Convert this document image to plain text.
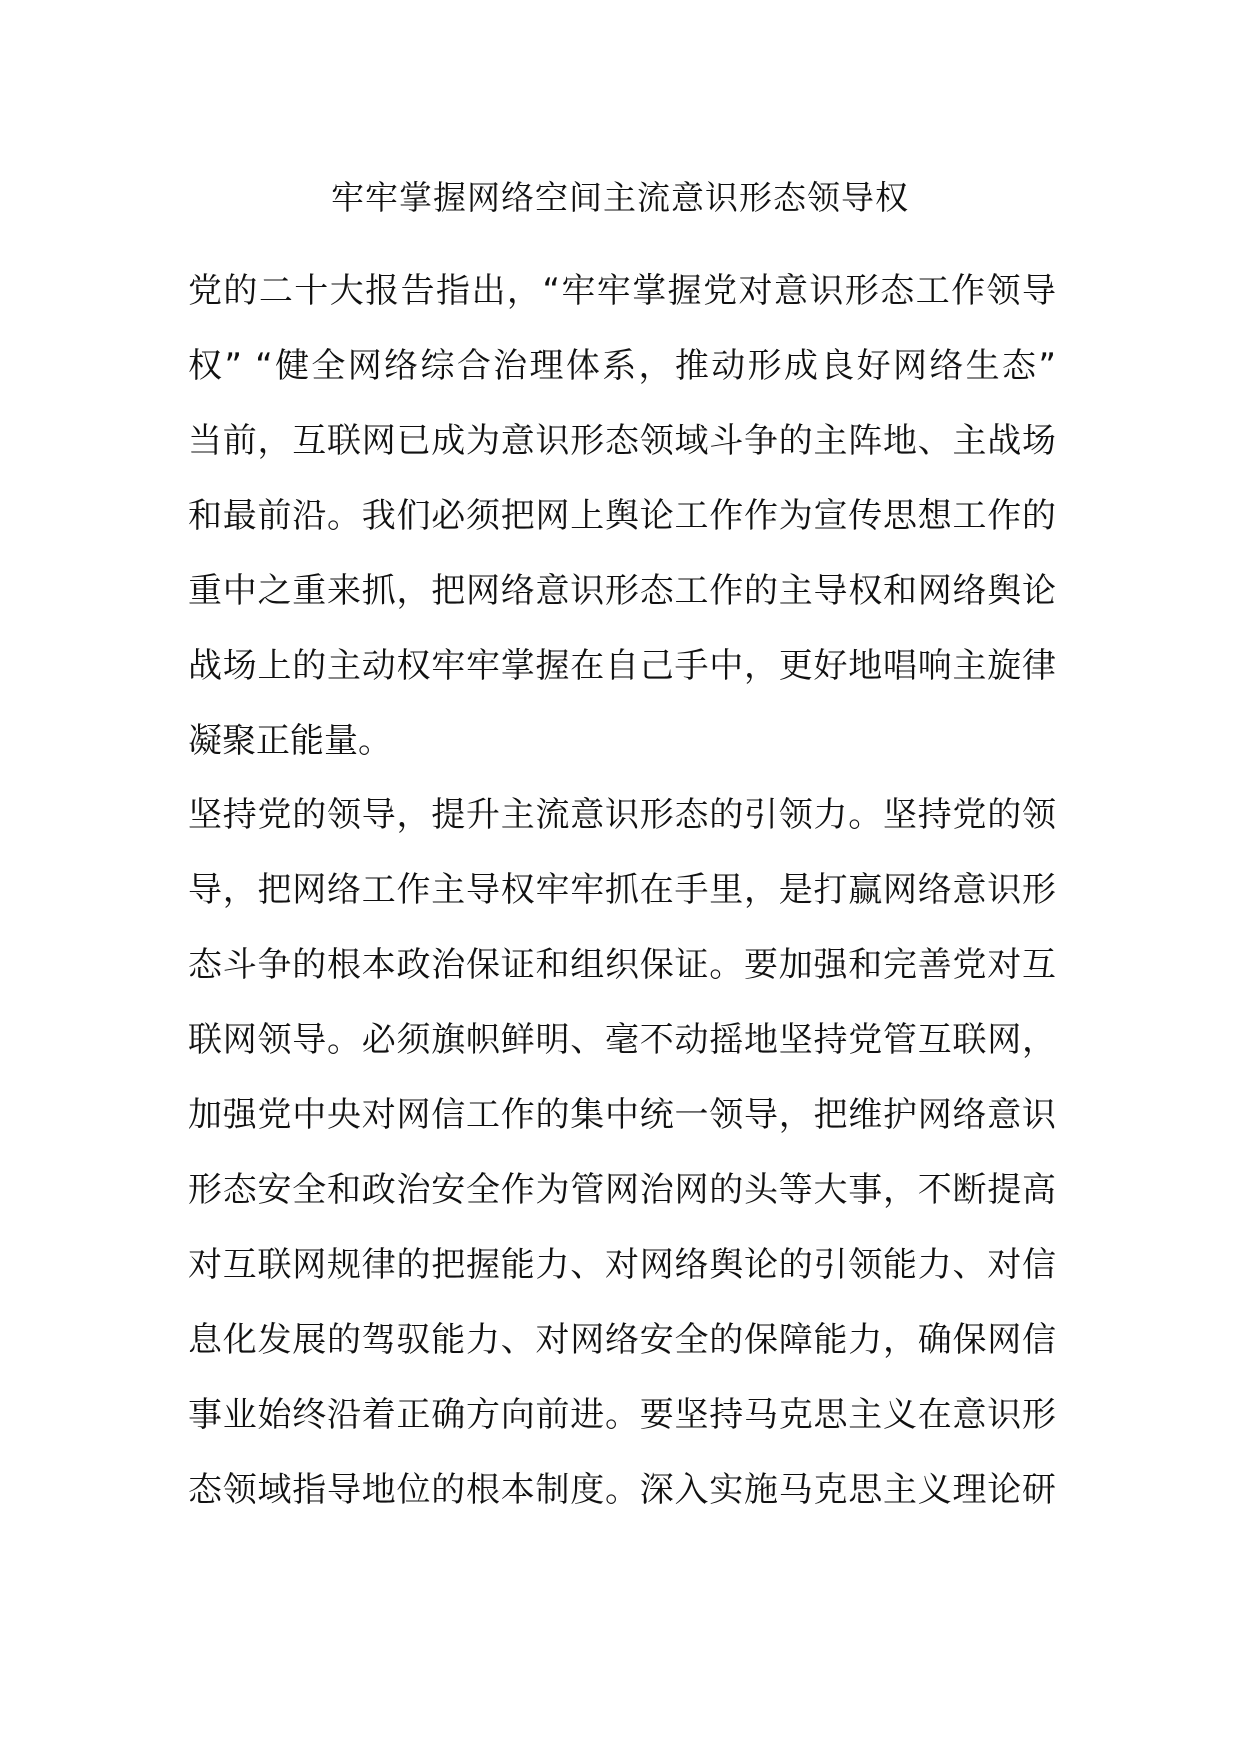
牢牢掌握网络空间主流意识形态领导权

党的二十大报告指出，“牢牢掌握党对意识形态工作领导
权” “健全网络综合治理体系，推动形成良好网络生态”
当前，互联网已成为意识形态领域斗争的主阵地、主战场
和最前沿。我们必须把网上舆论工作作为宣传思想工作的
重中之重来抓，把网络意识形态工作的主导权和网络舆论
战场上的主动权牢牢掌握在自己手中，更好地唱响主旋律
凝聚正能量。

坚持党的领导，提升主流意识形态的引领力。坚持党的领
导，把网络工作主导权牢牢抓在手里，是打赢网络意识形
态斗争的根本政治保证和组织保证。要加强和完善党对互
联网领导。必须旗帜鲜明、毫不动摇地坚持党管互联网，
加强党中央对网信工作的集中统一领导，把维护网络意识
形态安全和政治安全作为管网治网的头等大事，不断提高
对互联网规律的把握能力、对网络舆论的引领能力、对信
息化发展的驾驭能力、对网络安全的保障能力，确保网信
事业始终沿着正确方向前进。要坚持马克思主义在意识形
态领域指导地位的根本制度。深入实施马克思主义理论研
